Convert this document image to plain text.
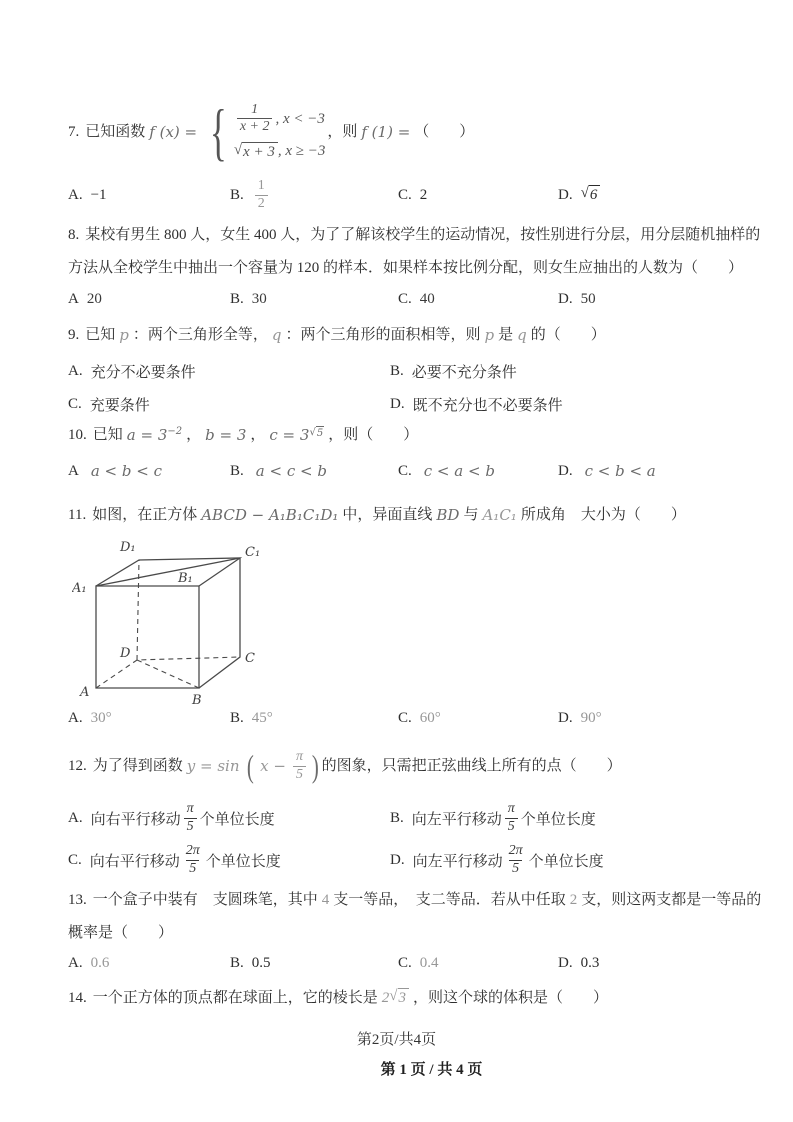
7. 已知函数 f (x) = { $\frac{1}{x + 2}$ , x < −3
√ x + 3 , x ≥ −3
，则 f (1) = （　　）
A. −1	B. $\frac{1}{2}$	C. 2	D. √ 6
8. 某校有男生 800 人，女生 400 人，为了了解该校学生的运动情况，按性别进行分层，用分层随机抽样的
方法从全校学生中抽出一个容量为 120 的样本．如果样本按比例分配，则女生应抽出的人数为（　　）
A 20	B. 30	C. 40	D. 50
9. 已知 p ：两个三角形全等， q ：两个三角形的面积相等，则 p 是 q 的（　　）
A. 充分不必要条件	B. 必要不充分条件
C. 充要条件	D. 既不充分也不必要条件
10. 已知 $a = 3^{-2}$ ， b = 3 ， c = 3 √ 5 ，则（　　）
A a < b < c	B. a < c < b	C. c < a < b	D. c < b < a
11. 如图，在正方体 ABCD − A₁B₁C₁D₁ 中，异面直线 BD 与 A₁C₁ 所成角　大小为（　　）
A
B
C
D
A₁
B₁
C₁
D₁
A. 30°	B. 45°	C. 60°	D. 90°
12. 为了得到函数 y = sin ( $x - \frac{\pi}{5}$ ) 的图象，只需把正弦曲线上所有的点（　　）
A. 向右平行移动 $\frac{\pi}{5}$ 个单位长度	B. 向左平行移动 $\frac{\pi}{5}$ 个单位长度
C. 向右平行移动 $\frac{2\pi}{5}$ 个单位长度	D. 向左平行移动 $\frac{2\pi}{5}$ 个单位长度
13. 一个盒子中装有　支圆珠笔，其中 4 支一等品，　支二等品．若从中任取 2 支，则这两支都是一等品的
概率是（　　）
A. 0.6	B. 0.5	C. 0.4	D. 0.3
14. 一个正方体的顶点都在球面上，它的棱长是 2 √ 3 ，则这个球的体积是（　　）
第2页/共4页
第 1 页 / 共 4 页
